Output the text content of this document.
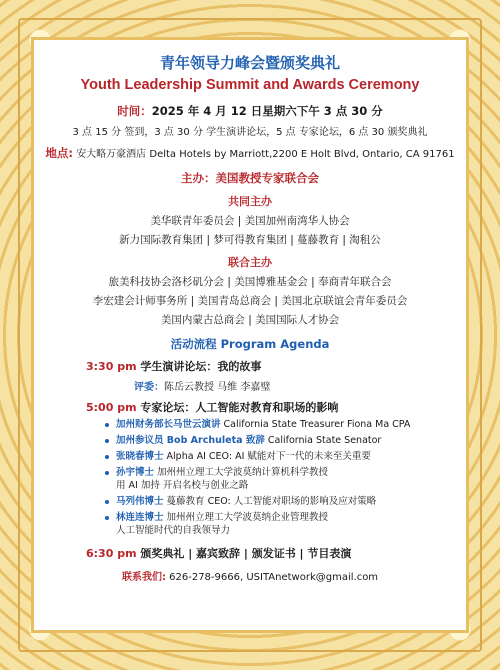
青年领导力峰会暨颁奖典礼
Youth Leadership Summit and Awards Ceremony
时间：2025 年 4 月 12 日星期六下午 3 点 30 分
3 点 15 分 签到，3 点 30 分 学生演讲论坛，5 点 专家论坛，6 点 30 颁奖典礼
地点: 安大略万豪酒店 Delta Hotels by Marriott,2200 E Holt Blvd, Ontario, CA 91761
主办：美国教授专家联合会
共同主办
美华联青年委员会 | 美国加州南湾华人协会
新力国际教育集团 | 梦可得教育集团 | 蔓藤教育 | 淘租公
联合主办
旅美科技协会洛杉矶分会 | 美国博雅基金会 | 奉商青年联合会
李宏建会计师事务所 | 美国青岛总商会 | 美国北京联谊会青年委员会
美国内蒙古总商会 | 美国国际人才协会
活动流程 Program Agenda
3:30 pm 学生演讲论坛：我的故事
评委：陈岳云教授 马维 李嘉璧
5:00 pm 专家论坛：人工智能对教育和职场的影响
加州财务部长马世云演讲 California State Treasurer Fiona Ma CPA
加州参议员 Bob Archuleta 致辞 California State Senator
张晓春博士 Alpha AI CEO: AI 赋能对下一代的未来至关重要
孙宇博士 加州州立理工大学波莫纳计算机科学教授
用 AI 加持 开启名校与创业之路
马列伟博士 蔓藤教育 CEO: 人工智能对职场的影响及应对策略
林连连博士 加州州立理工大学波莫纳企业管理教授
人工智能时代的自我领导力
6:30 pm 颁奖典礼 | 嘉宾致辞 | 颁发证书 | 节目表演
联系我们: 626-278-9666, USITAnetwork@gmail.com
